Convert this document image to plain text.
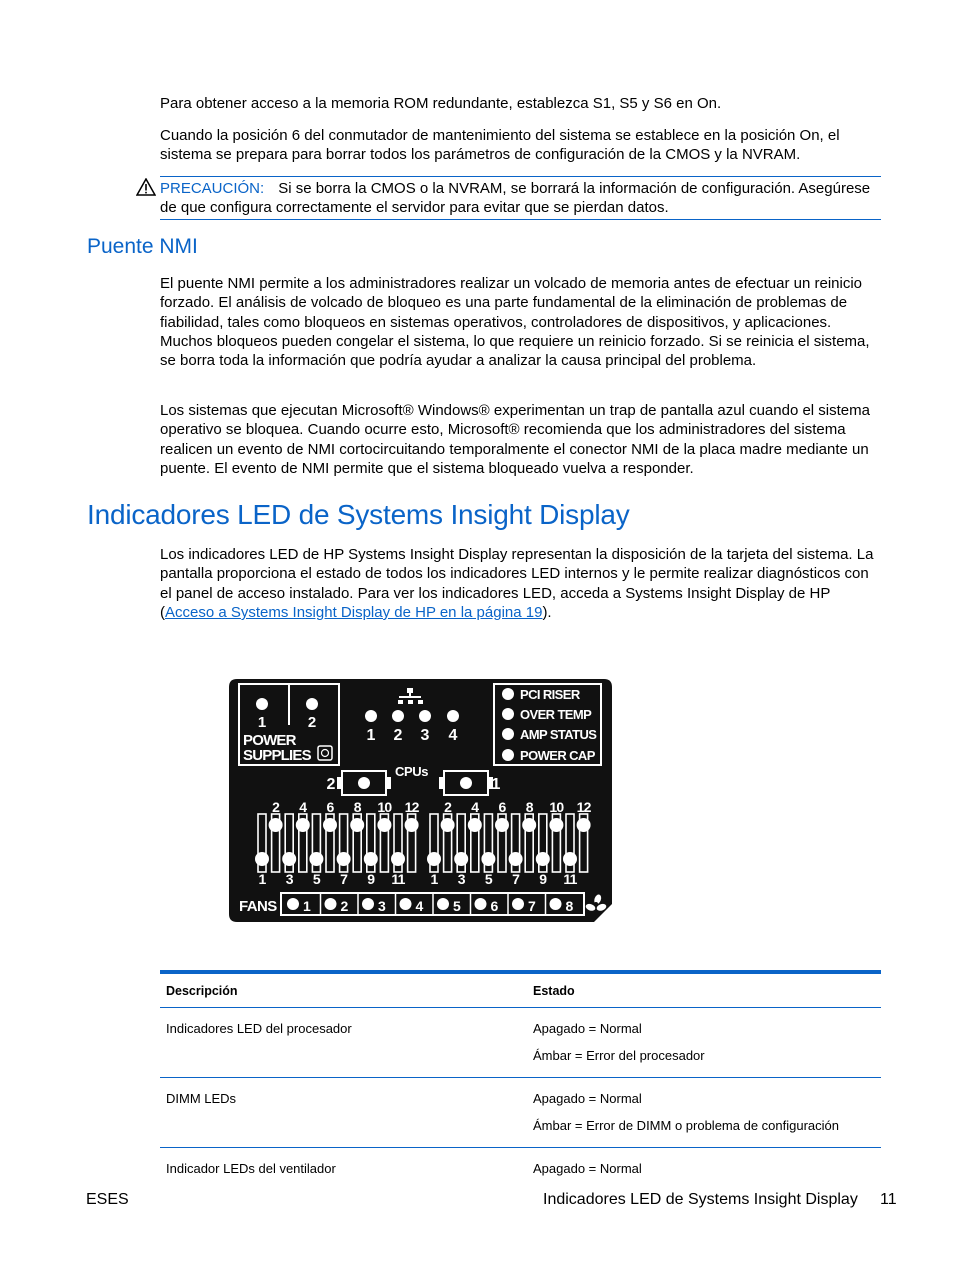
Para obtener acceso a la memoria ROM redundante, establezca S1, S5 y S6 en On.

Cuando la posición 6 del conmutador de mantenimiento del sistema se establece en la posición On, el sistema se prepara para borrar todos los parámetros de configuración de la CMOS y la NVRAM.

PRECAUCIÓN: Si se borra la CMOS o la NVRAM, se borrará la información de configuración. Asegúrese de que configura correctamente el servidor para evitar que se pierdan datos.
Puente NMI

El puente NMI permite a los administradores realizar un volcado de memoria antes de efectuar un reinicio forzado. El análisis de volcado de bloqueo es una parte fundamental de la eliminación de problemas de fiabilidad, tales como bloqueos en sistemas operativos, controladores de dispositivos, y aplicaciones. Muchos bloqueos pueden congelar el sistema, lo que requiere un reinicio forzado. Si se reinicia el sistema, se borra toda la información que podría ayudar a analizar la causa principal del problema.

Los sistemas que ejecutan Microsoft® Windows® experimentan un trap de pantalla azul cuando el sistema operativo se bloquea. Cuando ocurre esto, Microsoft® recomienda que los administradores del sistema realicen un evento de NMI cortocircuitando temporalmente el conector NMI de la placa madre mediante un puente. El evento de NMI permite que el sistema bloqueado vuelva a responder.

Indicadores LED de Systems Insight Display

Los indicadores LED de HP Systems Insight Display representan la disposición de la tarjeta del sistema. La pantalla proporciona el estado de todos los indicadores LED internos y le permite realizar diagnósticos con el panel de acceso instalado. Para ver los indicadores LED, acceda a Systems Insight Display de HP (Acceso a Systems Insight Display de HP en la página 19).

1	2
POWER
SUPPLIES
1 2 3 4
PCI RISER
OVER TEMP
AMP STATUS
POWER CAP
CPUs
2	1
2
1
4
3
6
5
8
7
10
9
12
11
2
1
4
3
6
5
8
7
10
9
12
11
FANS 1 2 3 4 5 6 7 8
Descripción	Estado
Indicadores LED del procesador	Apagado = Normal
Ámbar = Error del procesador

DIMM LEDs	Apagado = Normal
Ámbar = Error de DIMM o problema de configuración

Indicador LEDs del ventilador	Apagado = Normal
ESES	Indicadores LED de Systems Insight Display 11
